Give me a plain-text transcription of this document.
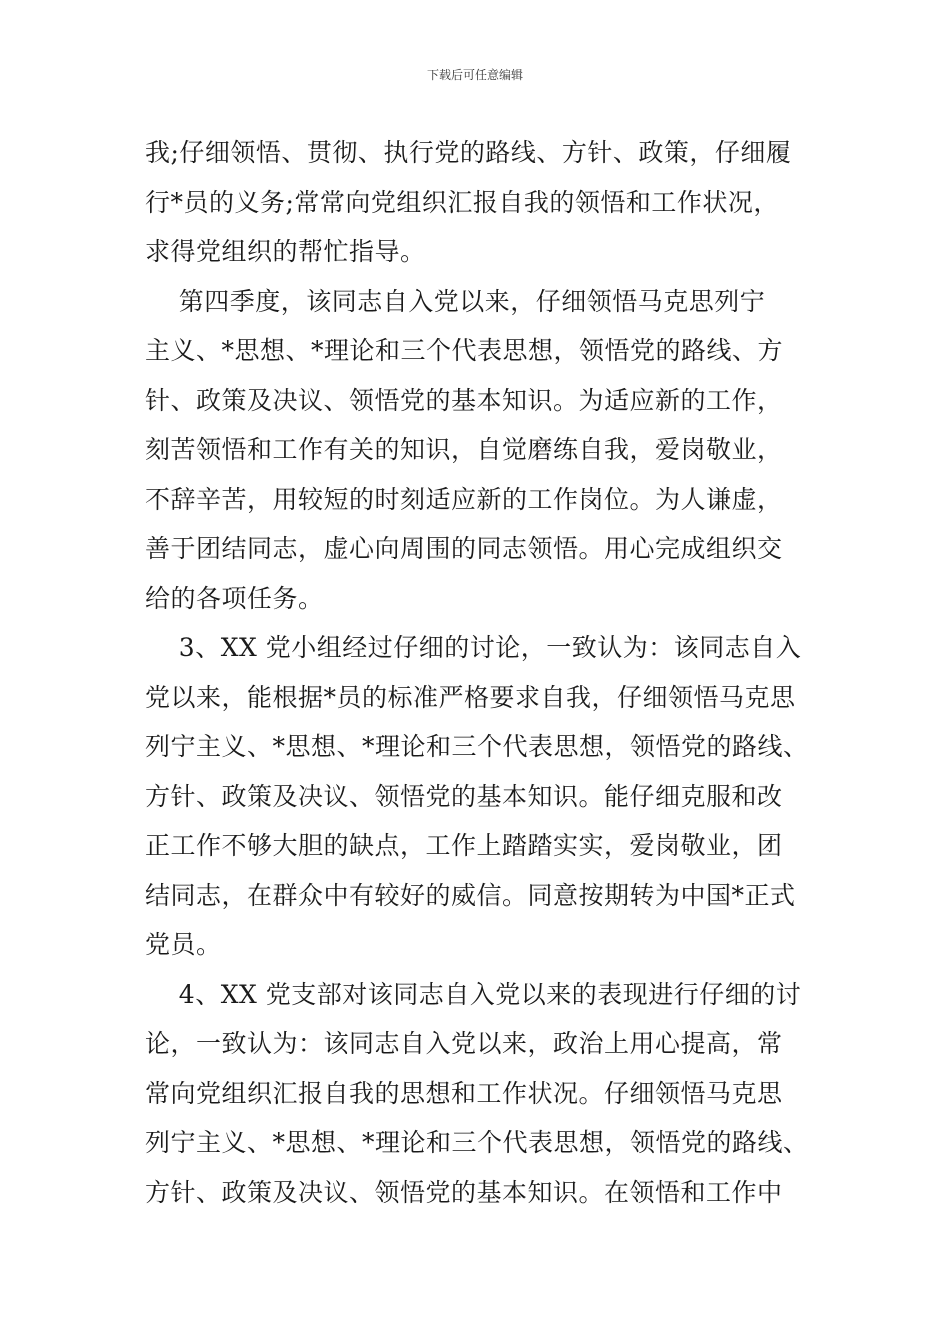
下载后可任意编辑

我;仔细领悟、贯彻、执行党的路线、方针、政策，仔细履
行*员的义务;常常向党组织汇报自我的领悟和工作状况，
求得党组织的帮忙指导。

第四季度，该同志自入党以来，仔细领悟马克思列宁
主义、*思想、*理论和三个代表思想，领悟党的路线、方
针、政策及决议、领悟党的基本知识。为适应新的工作，
刻苦领悟和工作有关的知识，自觉磨练自我，爱岗敬业，
不辞辛苦，用较短的时刻适应新的工作岗位。为人谦虚，
善于团结同志，虚心向周围的同志领悟。用心完成组织交
给的各项任务。

3、XX 党小组经过仔细的讨论，一致认为：该同志自入
党以来，能根据*员的标准严格要求自我，仔细领悟马克思
列宁主义、*思想、*理论和三个代表思想，领悟党的路线、
方针、政策及决议、领悟党的基本知识。能仔细克服和改
正工作不够大胆的缺点，工作上踏踏实实，爱岗敬业，团
结同志，在群众中有较好的威信。同意按期转为中国*正式
党员。

4、XX 党支部对该同志自入党以来的表现进行仔细的讨
论，一致认为：该同志自入党以来，政治上用心提高，常
常向党组织汇报自我的思想和工作状况。仔细领悟马克思
列宁主义、*思想、*理论和三个代表思想，领悟党的路线、
方针、政策及决议、领悟党的基本知识。在领悟和工作中
